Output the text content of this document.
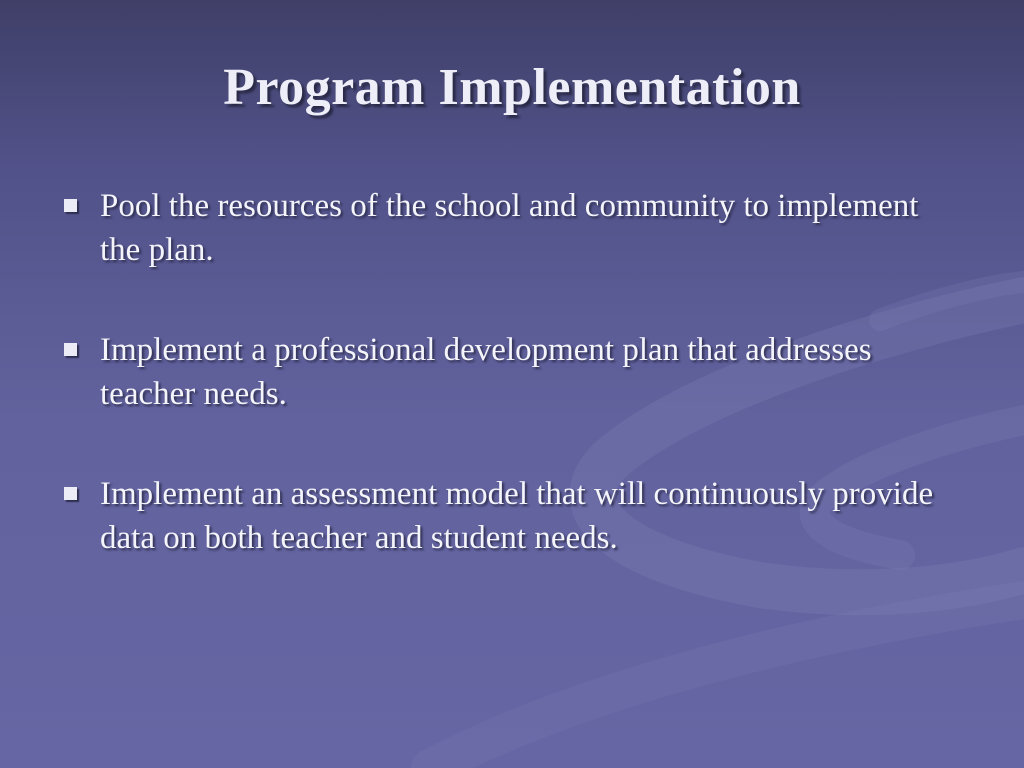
Program Implementation
Pool the resources of the school and community to implement the plan.
Implement a professional development plan that addresses teacher needs.
Implement an assessment model that will continuously provide data on both teacher and student needs.
